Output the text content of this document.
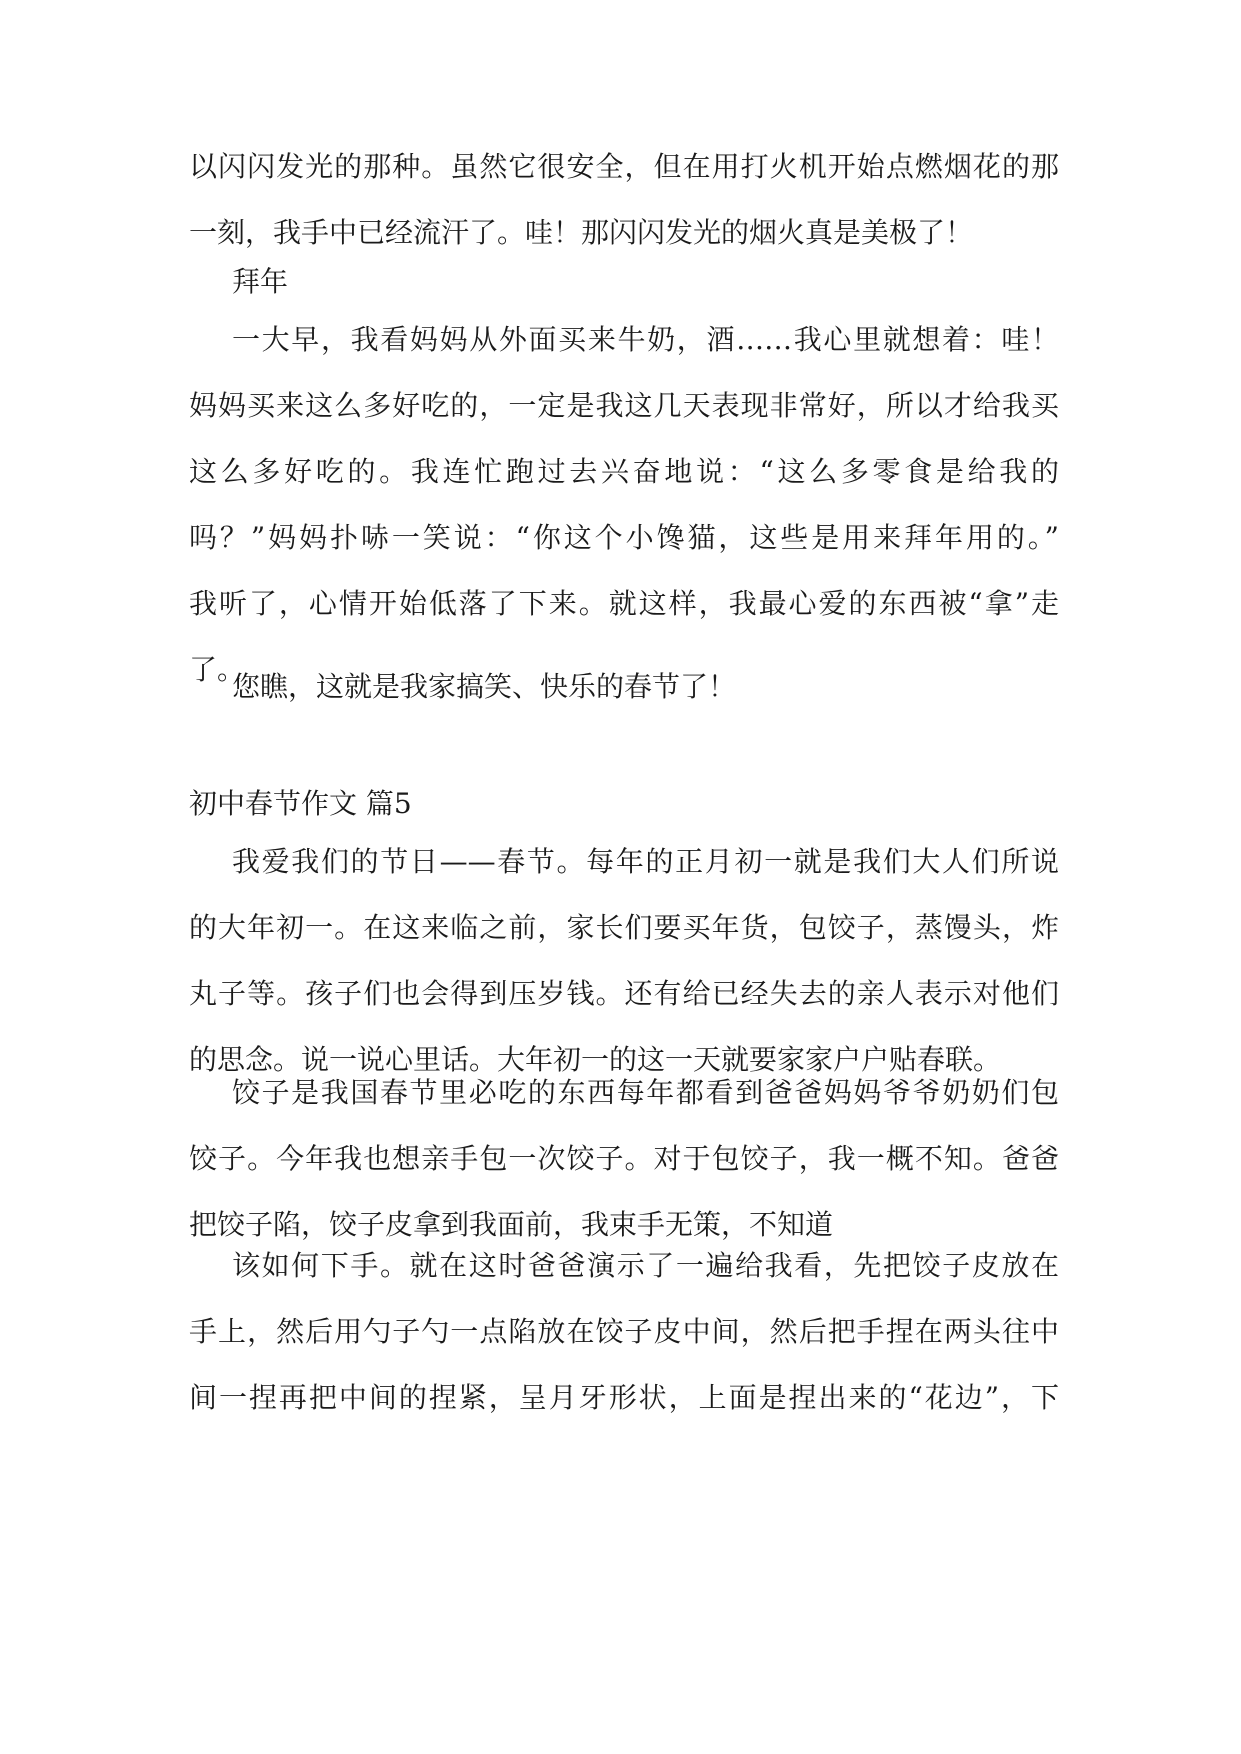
以闪闪发光的那种。虽然它很安全，但在用打火机开始点燃烟花的那
一刻，我手中已经流汗了。哇！那闪闪发光的烟火真是美极了！
拜年
一大早，我看妈妈从外面买来牛奶，酒……我心里就想着：哇！
妈妈买来这么多好吃的，一定是我这几天表现非常好，所以才给我买
这么多好吃的。我连忙跑过去兴奋地说：“这么多零食是给我的
吗？”妈妈扑哧一笑说：“你这个小馋猫，这些是用来拜年用的。”
我听了，心情开始低落了下来。就这样，我最心爱的东西被“拿”走
了。
您瞧，这就是我家搞笑、快乐的春节了！
初中春节作文 篇5
我爱我们的节日——春节。每年的正月初一就是我们大人们所说
的大年初一。在这来临之前，家长们要买年货，包饺子，蒸馒头，炸
丸子等。孩子们也会得到压岁钱。还有给已经失去的亲人表示对他们
的思念。说一说心里话。大年初一的这一天就要家家户户贴春联。
饺子是我国春节里必吃的东西每年都看到爸爸妈妈爷爷奶奶们包
饺子。今年我也想亲手包一次饺子。对于包饺子，我一概不知。爸爸
把饺子陷，饺子皮拿到我面前，我束手无策，不知道
该如何下手。就在这时爸爸演示了一遍给我看，先把饺子皮放在
手上，然后用勺子勺一点陷放在饺子皮中间，然后把手捏在两头往中
间一捏再把中间的捏紧，呈月牙形状，上面是捏出来的“花边”，下
